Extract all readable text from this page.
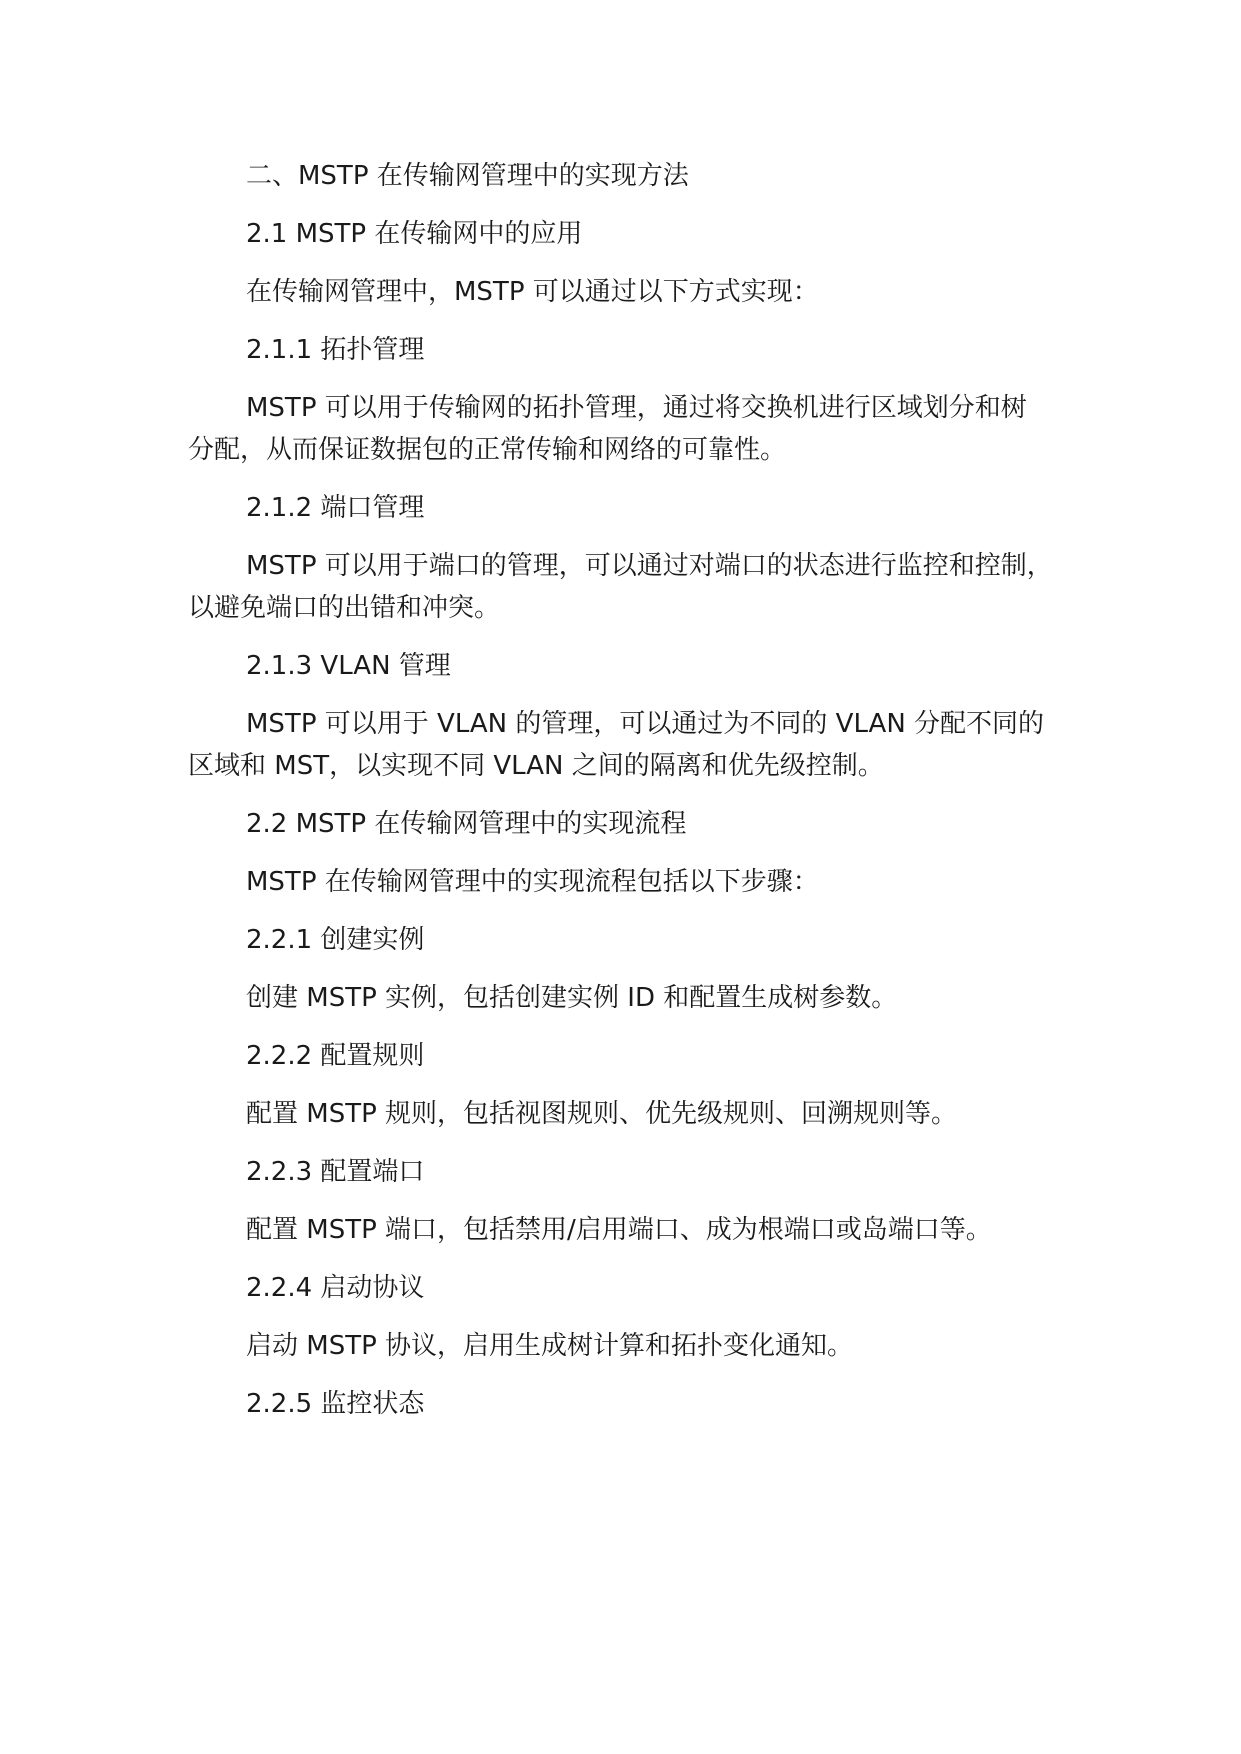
二、MSTP 在传输网管理中的实现方法
2.1 MSTP 在传输网中的应用
在传输网管理中，MSTP 可以通过以下方式实现：
2.1.1 拓扑管理
MSTP 可以用于传输网的拓扑管理，通过将交换机进行区域划分和树
分配，从而保证数据包的正常传输和网络的可靠性。
2.1.2 端口管理
MSTP 可以用于端口的管理，可以通过对端口的状态进行监控和控制，
以避免端口的出错和冲突。
2.1.3 VLAN 管理
MSTP 可以用于 VLAN 的管理，可以通过为不同的 VLAN 分配不同的
区域和 MST，以实现不同 VLAN 之间的隔离和优先级控制。
2.2 MSTP 在传输网管理中的实现流程
MSTP 在传输网管理中的实现流程包括以下步骤：
2.2.1 创建实例
创建 MSTP 实例，包括创建实例 ID 和配置生成树参数。
2.2.2 配置规则
配置 MSTP 规则，包括视图规则、优先级规则、回溯规则等。
2.2.3 配置端口
配置 MSTP 端口，包括禁用/启用端口、成为根端口或岛端口等。
2.2.4 启动协议
启动 MSTP 协议，启用生成树计算和拓扑变化通知。
2.2.5 监控状态
